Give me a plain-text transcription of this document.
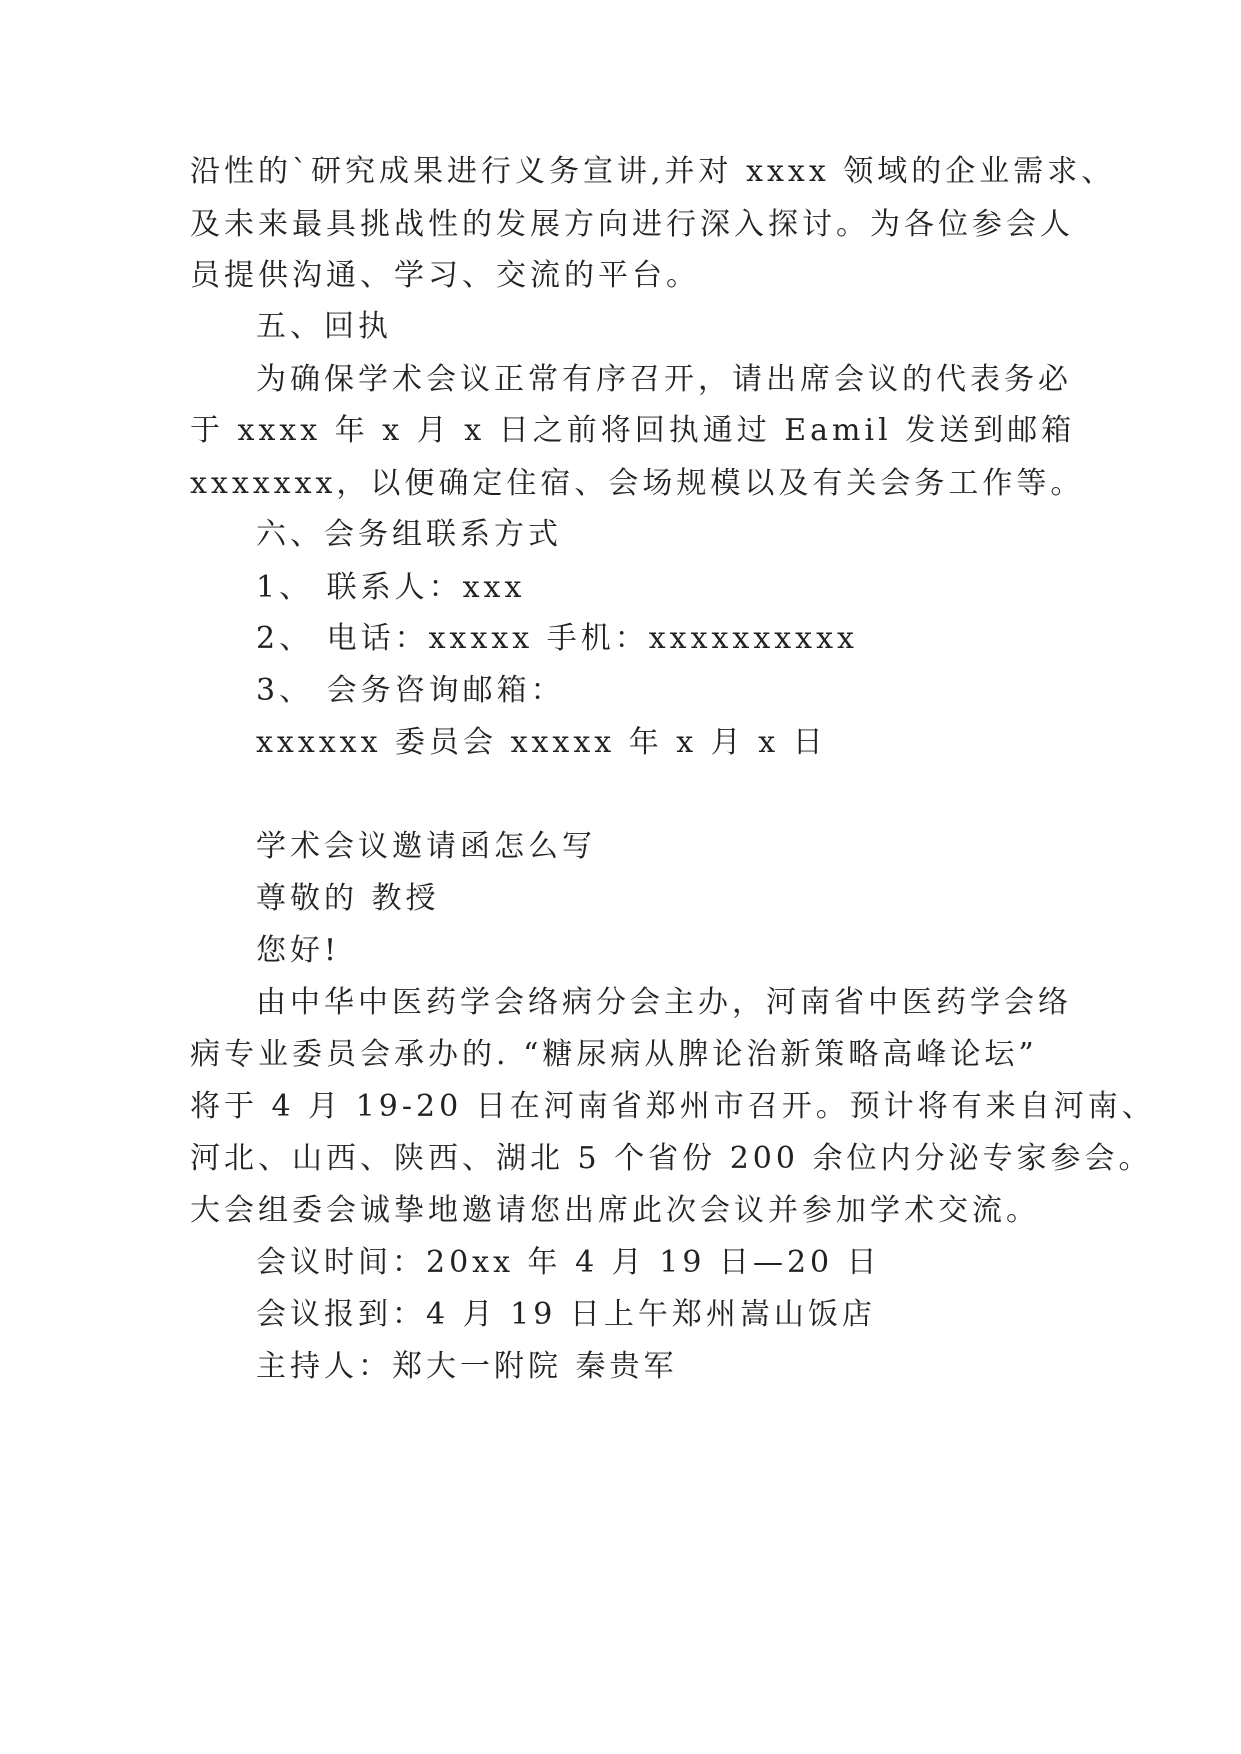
沿性的`研究成果进行义务宣讲,并对 xxxx 领域的企业需求、
及未来最具挑战性的发展方向进行深入探讨。为各位参会人
员提供沟通、学习、交流的平台。
五、回执
为确保学术会议正常有序召开，请出席会议的代表务必
于 xxxx 年 x 月 x 日之前将回执通过 Eamil 发送到邮箱
xxxxxxx，以便确定住宿、会场规模以及有关会务工作等。
六、会务组联系方式
1、 联系人：xxx
2、 电话：xxxxx 手机：xxxxxxxxxx
3、 会务咨询邮箱：
xxxxxx 委员会 xxxxx 年 x 月 x 日
学术会议邀请函怎么写
尊敬的 教授
您好!
由中华中医药学会络病分会主办，河南省中医药学会络
病专业委员会承办的. “糖尿病从脾论治新策略高峰论坛”
将于 4 月 19-20 日在河南省郑州市召开。预计将有来自河南、
河北、山西、陕西、湖北 5 个省份 200 余位内分泌专家参会。
大会组委会诚挚地邀请您出席此次会议并参加学术交流。
会议时间：20xx 年 4 月 19 日—20 日
会议报到：4 月 19 日上午郑州嵩山饭店
主持人：郑大一附院 秦贵军
